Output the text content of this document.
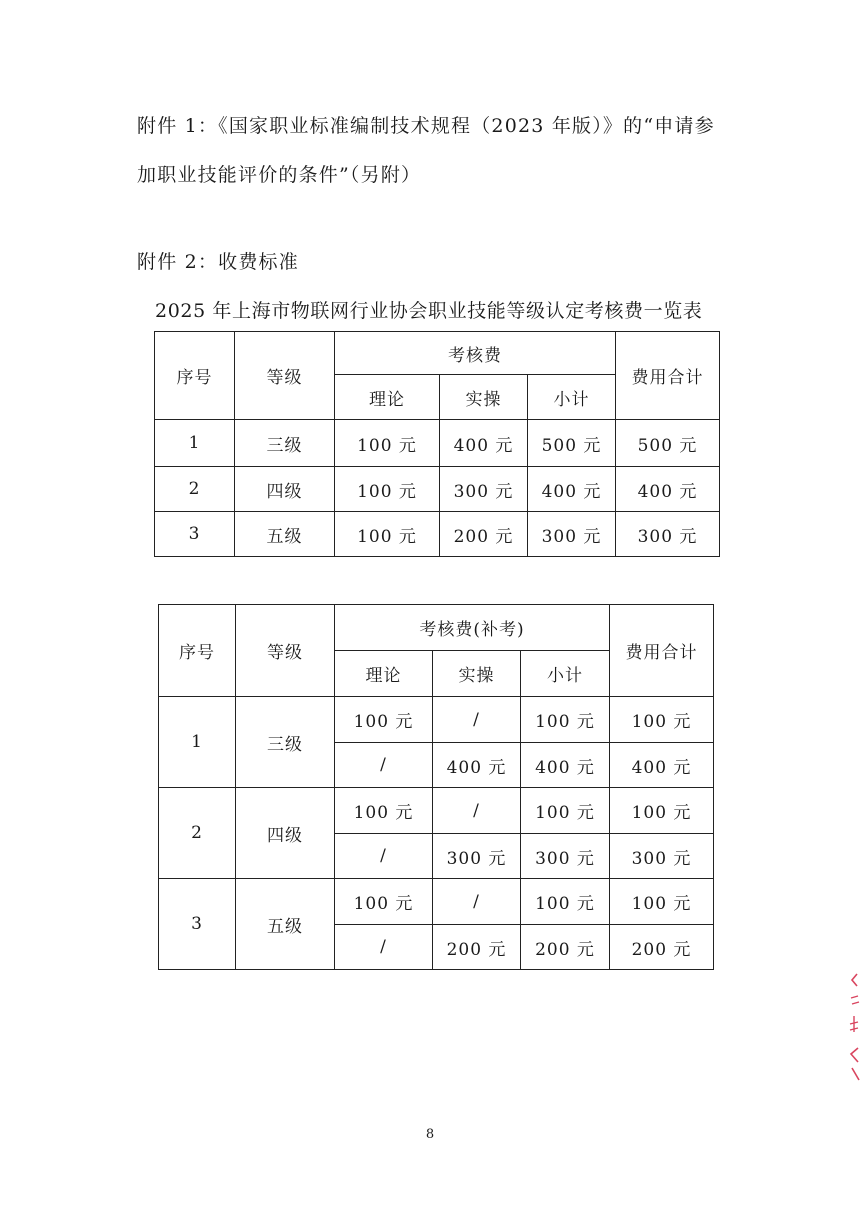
附件 1：《国家职业标准编制技术规程（2023 年版）》的“申请参
加职业技能评价的条件”（另附）
附件 2：收费标准
2025 年上海市物联网行业协会职业技能等级认定考核费一览表
序号	等级	考核费			费用合计
		理论	实操	小计	
1	三级	100 元	400 元	500 元	500 元
2	四级	100 元	300 元	400 元	400 元
3	五级	100 元	200 元	300 元	300 元
序号	等级	考核费(补考)			费用合计
		理论	实操	小计	
1	三级	100 元	/	100 元	100 元
		/	400 元	400 元	400 元
2	四级	100 元	/	100 元	100 元
		/	300 元	300 元	300 元
3	五级	100 元	/	100 元	100 元
		/	200 元	200 元	200 元
8
